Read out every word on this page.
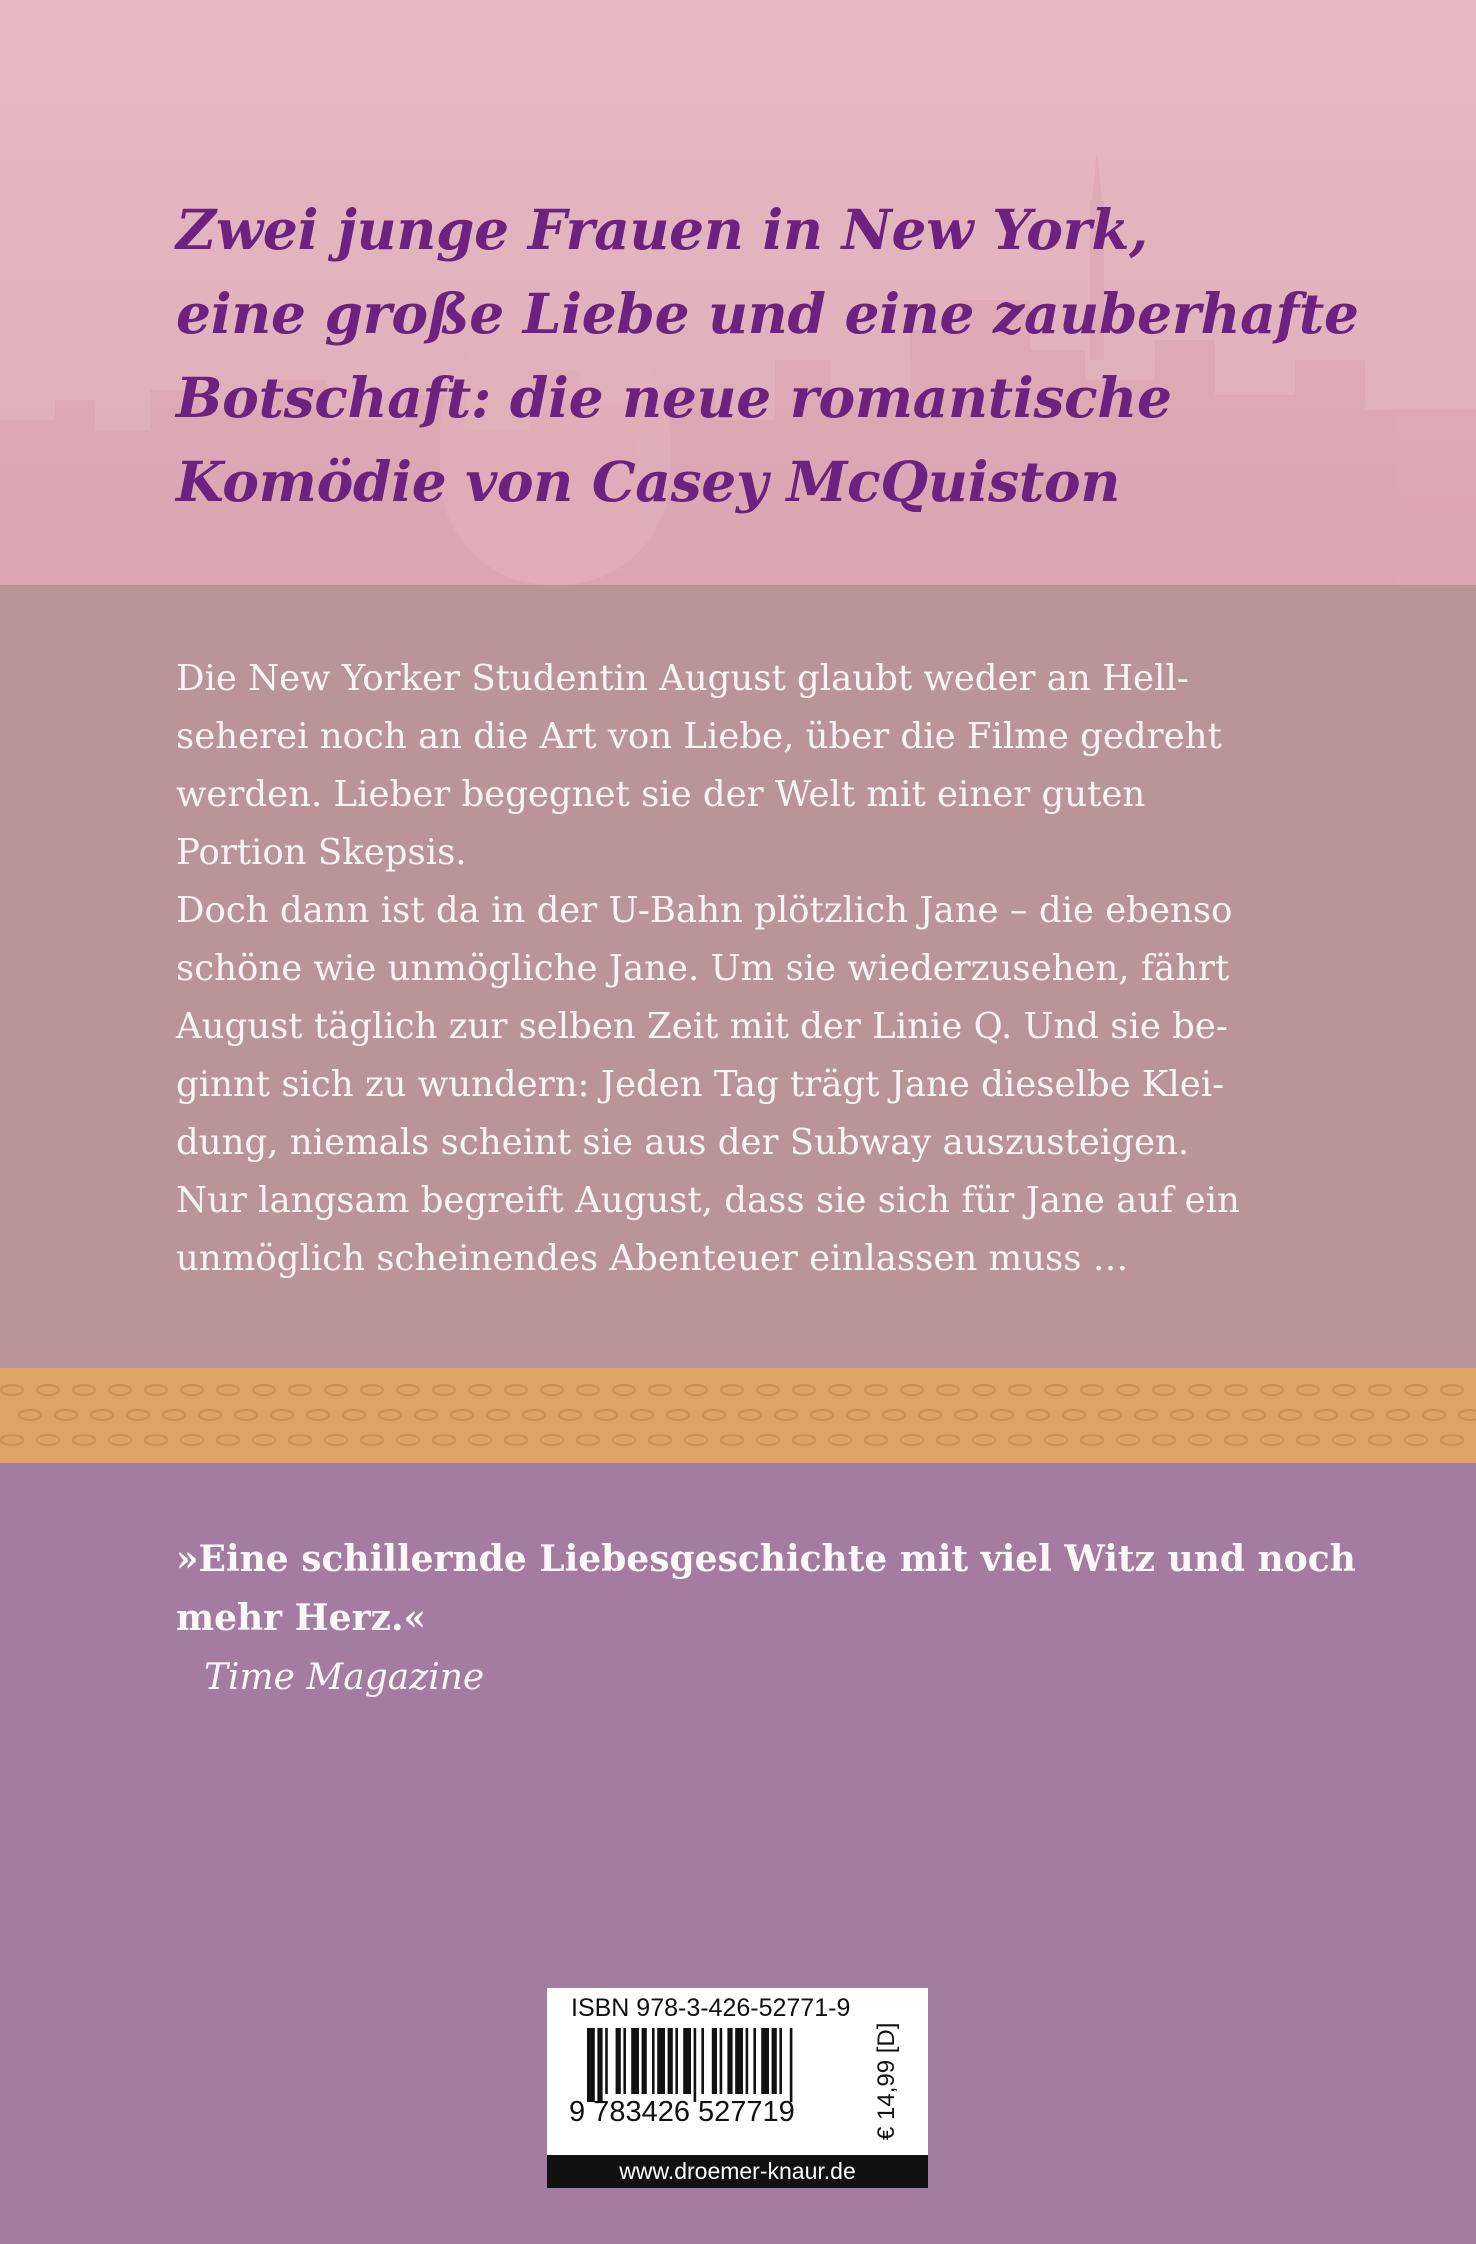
Zwei junge Frauen in New York,
eine große Liebe und eine zauberhafte
Botschaft: die neue romantische
Komödie von Casey McQuiston
Die New Yorker Studentin August glaubt weder an Hell-
seherei noch an die Art von Liebe, über die Filme gedreht
werden. Lieber begegnet sie der Welt mit einer guten
Portion Skepsis.
Doch dann ist da in der U-Bahn plötzlich Jane – die ebenso
schöne wie unmögliche Jane. Um sie wiederzusehen, fährt
August täglich zur selben Zeit mit der Linie Q. Und sie be-
ginnt sich zu wundern: Jeden Tag trägt Jane dieselbe Klei-
dung, niemals scheint sie aus der Subway auszusteigen.
Nur langsam begreift August, dass sie sich für Jane auf ein
unmöglich scheinendes Abenteuer einlassen muss …
»Eine schillernde Liebesgeschichte mit viel Witz und noch
mehr Herz.«
Time Magazine
ISBN 978-3-426-52771-9
9 783426 527719	€ 14,99 [D]
www.droemer-knaur.de
